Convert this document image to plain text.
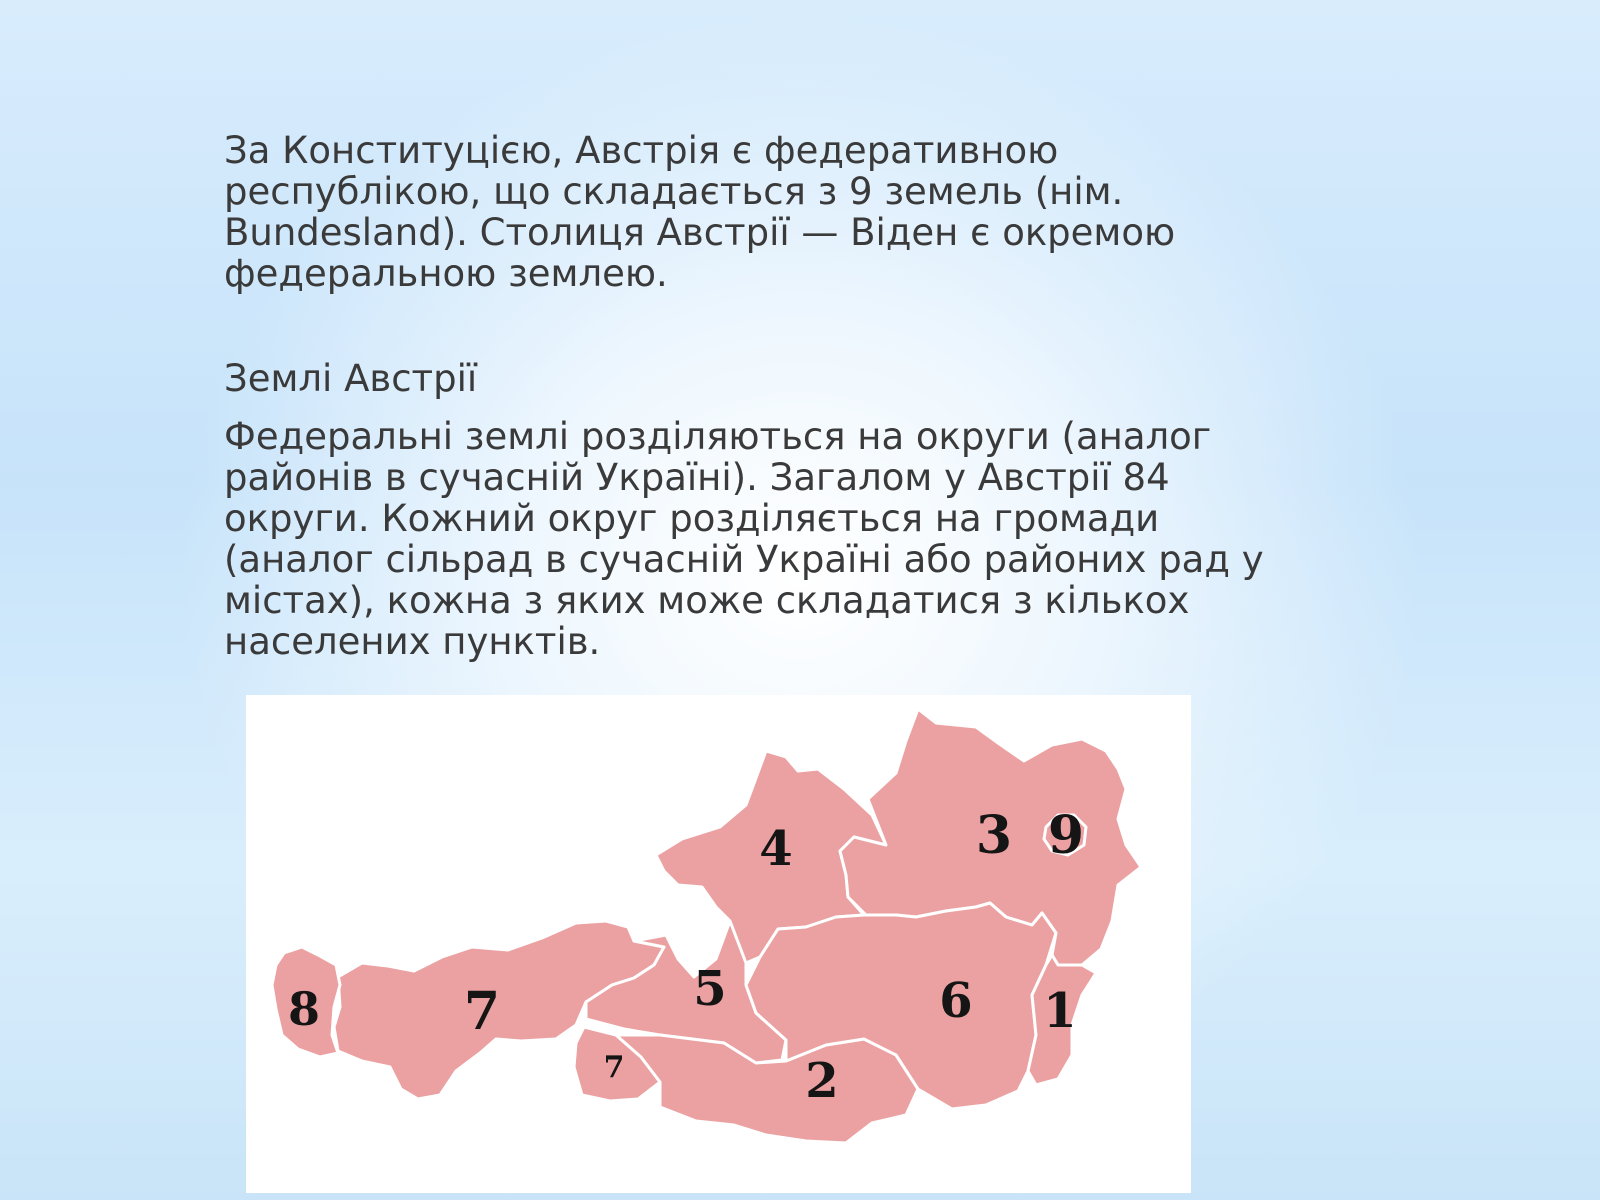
За Конституцією, Австрія є федеративною республікою, що складається з 9 земель (нім. Bundesland). Столиця Австрії — Віден є окремою федеральною землею.

Землі Австрії

Федеральні землі розділяються на округи (аналог районів в сучасній Україні). Загалом у Австрії 84 округи. Кожний округ розділяється на громади (аналог сільрад в сучасній Україні або районих рад у містах), кожна з яких може складатися з кількох населених пунктів.

1
2
3
4
5	6
7
7
8
9
